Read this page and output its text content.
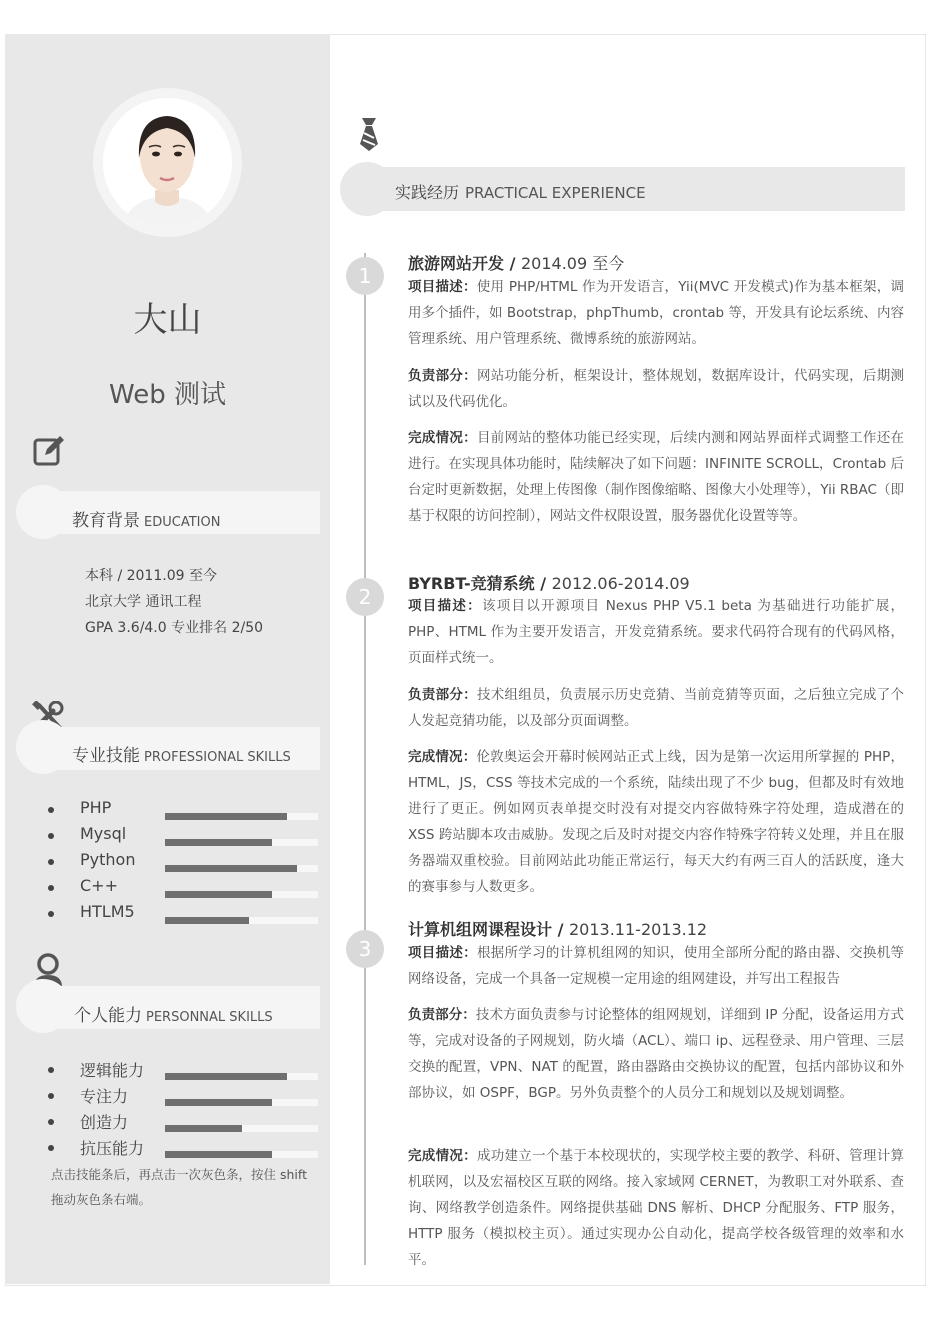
大山
Web 测试
教育背景 EDUCATION
本科 / 2011.09 至今
北京大学 通讯工程
GPA 3.6/4.0 专业排名 2/50
专业技能 PROFESSIONAL SKILLS
PHP
Mysql
Python
C++
HTLM5
个人能力 PERSONNAL SKILLS
逻辑能力
专注力
创造力
抗压能力
点击技能条后，再点击一次灰色条，按住 shift 拖动灰色条右端。
实践经历 PRACTICAL EXPERIENCE
1
旅游网站开发 / 2014.09 至今
项目描述：使用 PHP/HTML 作为开发语言，Yii(MVC 开发模式)作为基本框架，调用多个插件，如 Bootstrap，phpThumb，crontab 等，开发具有论坛系统、内容管理系统、用户管理系统、微博系统的旅游网站。
负责部分：网站功能分析，框架设计，整体规划，数据库设计，代码实现，后期测试以及代码优化。
完成情况：目前网站的整体功能已经实现，后续内测和网站界面样式调整工作还在进行。在实现具体功能时，陆续解决了如下问题：INFINITE SCROLL，Crontab 后台定时更新数据，处理上传图像（制作图像缩略、图像大小处理等），Yii RBAC（即基于权限的访问控制），网站文件权限设置，服务器优化设置等等。
2
BYRBT-竞猜系统 / 2012.06-2014.09
项目描述：该项目以开源项目 Nexus PHP V5.1 beta 为基础进行功能扩展，PHP、HTML 作为主要开发语言，开发竞猜系统。要求代码符合现有的代码风格，页面样式统一。
负责部分：技术组组员，负责展示历史竞猜、当前竞猜等页面，之后独立完成了个人发起竞猜功能，以及部分页面调整。
完成情况：伦敦奥运会开幕时候网站正式上线，因为是第一次运用所掌握的 PHP，HTML，JS，CSS 等技术完成的一个系统，陆续出现了不少 bug，但都及时有效地进行了更正。例如网页表单提交时没有对提交内容做特殊字符处理，造成潜在的 XSS 跨站脚本攻击威胁。发现之后及时对提交内容作特殊字符转义处理，并且在服务器端双重校验。目前网站此功能正常运行，每天大约有两三百人的活跃度，逢大的赛事参与人数更多。
3
计算机组网课程设计 / 2013.11-2013.12
项目描述：根据所学习的计算机组网的知识，使用全部所分配的路由器、交换机等网络设备，完成一个具备一定规模一定用途的组网建设，并写出工程报告
负责部分：技术方面负责参与讨论整体的组网规划，详细到 IP 分配，设备运用方式等，完成对设备的子网规划，防火墙（ACL）、端口 ip、远程登录、用户管理、三层交换的配置，VPN、NAT 的配置，路由器路由交换协议的配置，包括内部协议和外部协议，如 OSPF，BGP。另外负责整个的人员分工和规划以及规划调整。
完成情况：成功建立一个基于本校现状的，实现学校主要的教学、科研、管理计算机联网，以及宏福校区互联的网络。接入家域网 CERNET，为教职工对外联系、查询、网络教学创造条件。网络提供基础 DNS 解析、DHCP 分配服务、FTP 服务，HTTP 服务（模拟校主页）。通过实现办公自动化，提高学校各级管理的效率和水平。
